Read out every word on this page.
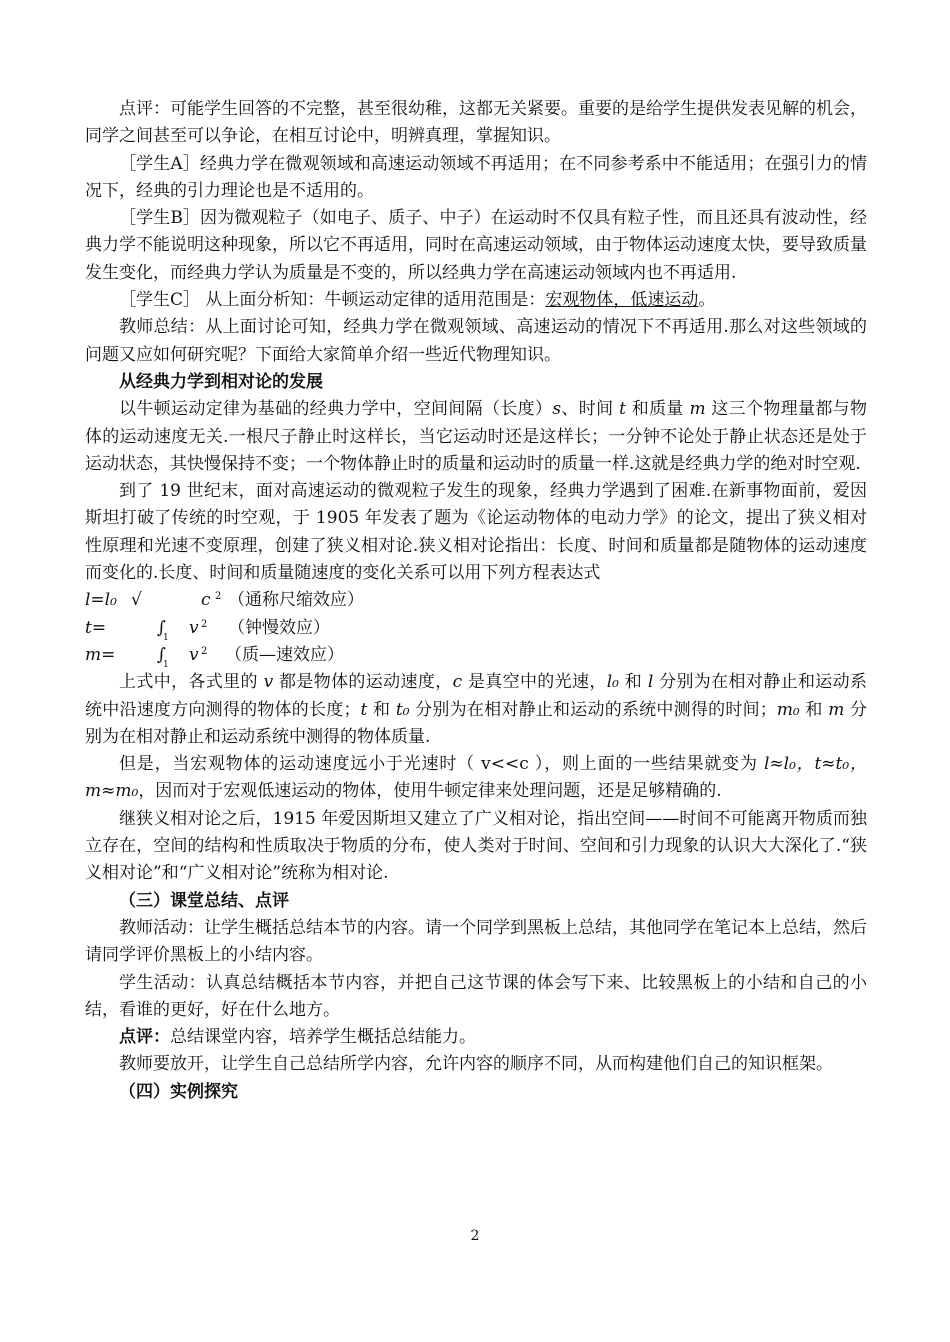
点评：可能学生回答的不完整，甚至很幼稚，这都无关紧要。重要的是给学生提供发表见解的机会，同学之间甚至可以争论，在相互讨论中，明辨真理，掌握知识。

［学生A］经典力学在微观领域和高速运动领域不再适用；在不同参考系中不能适用；在强引力的情况下，经典的引力理论也是不适用的。

［学生B］因为微观粒子（如电子、质子、中子）在运动时不仅具有粒子性，而且还具有波动性，经典力学不能说明这种现象，所以它不再适用，同时在高速运动领域，由于物体运动速度太快，要导致质量发生变化，而经典力学认为质量是不变的，所以经典力学在高速运动领域内也不再适用.

［学生C］ 从上面分析知：牛顿运动定律的适用范围是：宏观物体，低速运动。

教师总结：从上面讨论可知，经典力学在微观领域、高速运动的情况下不再适用.那么对这些领域的问题又应如何研究呢？下面给大家简单介绍一些近代物理知识。

从经典力学到相对论的发展

以牛顿运动定律为基础的经典力学中，空间间隔（长度）s、时间 t 和质量 m 这三个物理量都与物体的运动速度无关.一根尺子静止时这样长，当它运动时还是这样长；一分钟不论处于静止状态还是处于运动状态，其快慢保持不变；一个物体静止时的质量和运动时的质量一样.这就是经典力学的绝对时空观.

到了 19 世纪末，面对高速运动的微观粒子发生的现象，经典力学遇到了困难.在新事物面前，爱因斯坦打破了传统的时空观，于 1905 年发表了题为《论运动物体的电动力学》的论文，提出了狭义相对性原理和光速不变原理，创建了狭义相对论.狭义相对论指出：长度、时间和质量都是随物体的运动速度而变化的.长度、时间和质量随速度的变化关系可以用下列方程表达式

l=l₀ √	c 2 （通称尺缩效应）
t=	∫
1 v 2 （钟慢效应）
m= ∫
1 v 2 （质—速效应）

上式中，各式里的 v 都是物体的运动速度，c 是真空中的光速，l₀ 和 l 分别为在相对静止和运动系统中沿速度方向测得的物体的长度；t 和 t₀ 分别为在相对静止和运动的系统中测得的时间；m₀ 和 m 分别为在相对静止和运动系统中测得的物体质量.

但是，当宏观物体的运动速度远小于光速时（ v<<c ），则上面的一些结果就变为 l≈l₀，t≈t₀，m≈m₀，因而对于宏观低速运动的物体，使用牛顿定律来处理问题，还是足够精确的.

继狭义相对论之后，1915 年爱因斯坦又建立了广义相对论，指出空间——时间不可能离开物质而独立存在，空间的结构和性质取决于物质的分布，使人类对于时间、空间和引力现象的认识大大深化了.“狭义相对论”和“广义相对论”统称为相对论.

（三）课堂总结、点评

教师活动：让学生概括总结本节的内容。请一个同学到黑板上总结，其他同学在笔记本上总结，然后请同学评价黑板上的小结内容。

学生活动：认真总结概括本节内容，并把自己这节课的体会写下来、比较黑板上的小结和自己的小结，看谁的更好，好在什么地方。

点评：总结课堂内容，培养学生概括总结能力。

教师要放开，让学生自己总结所学内容，允许内容的顺序不同，从而构建他们自己的知识框架。

（四）实例探究

2
